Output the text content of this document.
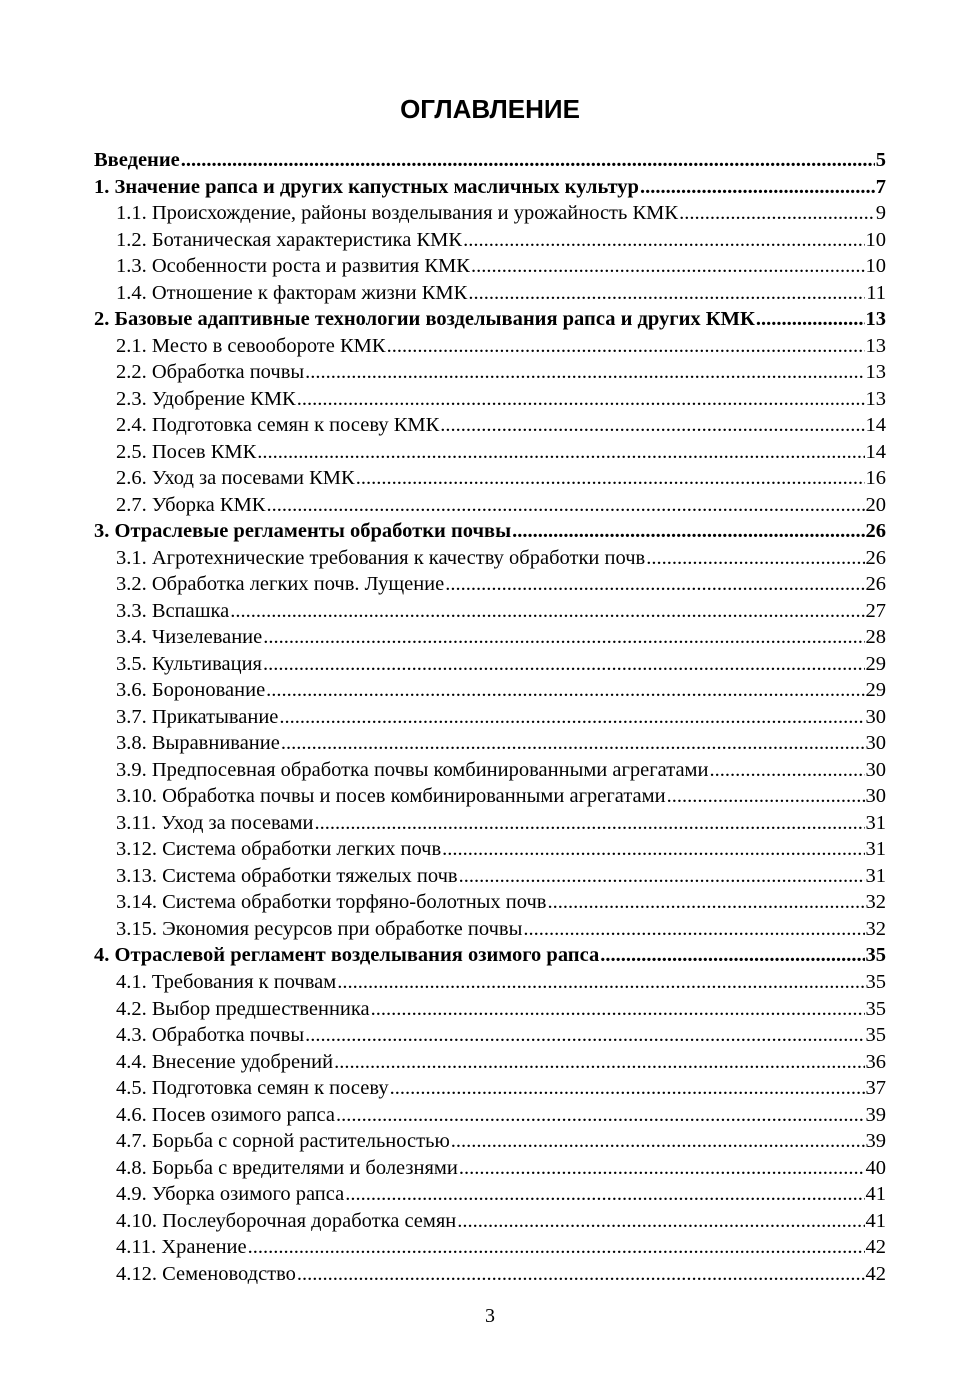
ОГЛАВЛЕНИЕ
Введение .....	5
1. Значение рапса и других капустных масличных культур .....	7
1.1. Происхождение, районы возделывания и урожайность КМК .....	9
1.2. Ботаническая характеристика КМК .....	10
1.3. Особенности роста и развития КМК .....	10
1.4. Отношение к факторам жизни КМК .....	11
2. Базовые адаптивные технологии возделывания рапса и других КМК .....	13
2.1. Место в севообороте КМК .....	13
2.2. Обработка почвы .....	13
2.3. Удобрение КМК .....	13
2.4. Подготовка семян к посеву КМК .....	14
2.5. Посев КМК .....	14
2.6. Уход за посевами КМК .....	16
2.7. Уборка КМК .....	20
3. Отраслевые регламенты обработки почвы .....	26
3.1. Агротехнические требования к качеству обработки почв .....	26
3.2. Обработка легких почв. Лущение .....	26
3.3. Вспашка .....	27
3.4. Чизелевание .....	28
3.5. Культивация .....	29
3.6. Боронование .....	29
3.7. Прикатывание .....	30
3.8. Выравнивание .....	30
3.9. Предпосевная обработка почвы комбинированными агрегатами .....	30
3.10. Обработка почвы и посев комбинированными агрегатами .....	30
3.11. Уход за посевами .....	31
3.12. Система обработки легких почв .....	31
3.13. Система обработки тяжелых почв .....	31
3.14. Система обработки торфяно-болотных почв .....	32
3.15. Экономия ресурсов при обработке почвы .....	32
4. Отраслевой регламент возделывания озимого рапса .....	35
4.1. Требования к почвам .....	35
4.2. Выбор предшественника .....	35
4.3. Обработка почвы .....	35
4.4. Внесение удобрений .....	36
4.5. Подготовка семян к посеву .....	37
4.6. Посев озимого рапса .....	39
4.7. Борьба с сорной растительностью .....	39
4.8. Борьба с вредителями и болезнями .....	40
4.9. Уборка озимого рапса .....	41
4.10. Послеуборочная доработка семян .....	41
4.11. Хранение .....	42
4.12. Семеноводство .....	42
3
